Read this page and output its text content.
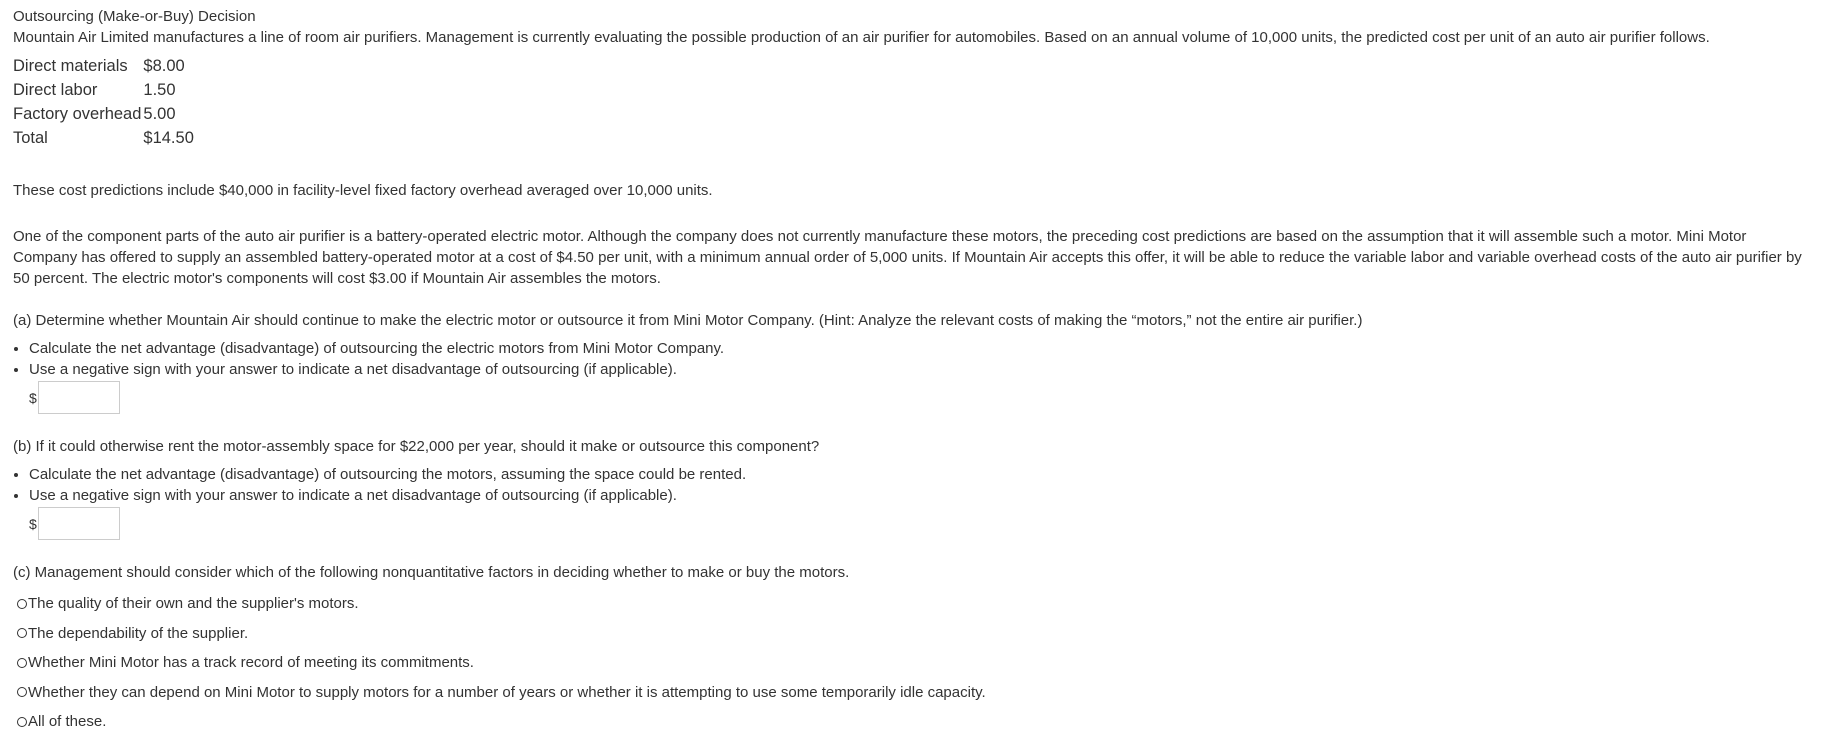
Outsourcing (Make-or-Buy) Decision

Mountain Air Limited manufactures a line of room air purifiers. Management is currently evaluating the possible production of an air purifier for automobiles. Based on an annual volume of 10,000 units, the predicted cost per unit of an auto air purifier follows.

Direct materials	$8.00
Direct labor	1.50
Factory overhead	5.00
Total	$14.50

These cost predictions include $40,000 in facility-level fixed factory overhead averaged over 10,000 units.

One of the component parts of the auto air purifier is a battery-operated electric motor. Although the company does not currently manufacture these motors, the preceding cost predictions are based on the assumption that it will assemble such a motor. Mini Motor Company has offered to supply an assembled battery-operated motor at a cost of $4.50 per unit, with a minimum annual order of 5,000 units. If Mountain Air accepts this offer, it will be able to reduce the variable labor and variable overhead costs of the auto air purifier by 50 percent. The electric motor's components will cost $3.00 if Mountain Air assembles the motors.

(a) Determine whether Mountain Air should continue to make the electric motor or outsource it from Mini Motor Company. (Hint: Analyze the relevant costs of making the “motors,” not the entire air purifier.)

• Calculate the net advantage (disadvantage) of outsourcing the electric motors from Mini Motor Company.
• Use a negative sign with your answer to indicate a net disadvantage of outsourcing (if applicable).
$

(b) If it could otherwise rent the motor-assembly space for $22,000 per year, should it make or outsource this component?

• Calculate the net advantage (disadvantage) of outsourcing the motors, assuming the space could be rented.
• Use a negative sign with your answer to indicate a net disadvantage of outsourcing (if applicable).
$

(c) Management should consider which of the following nonquantitative factors in deciding whether to make or buy the motors.

The quality of their own and the supplier's motors.
The dependability of the supplier.
Whether Mini Motor has a track record of meeting its commitments.
Whether they can depend on Mini Motor to supply motors for a number of years or whether it is attempting to use some temporarily idle capacity.
All of these.
